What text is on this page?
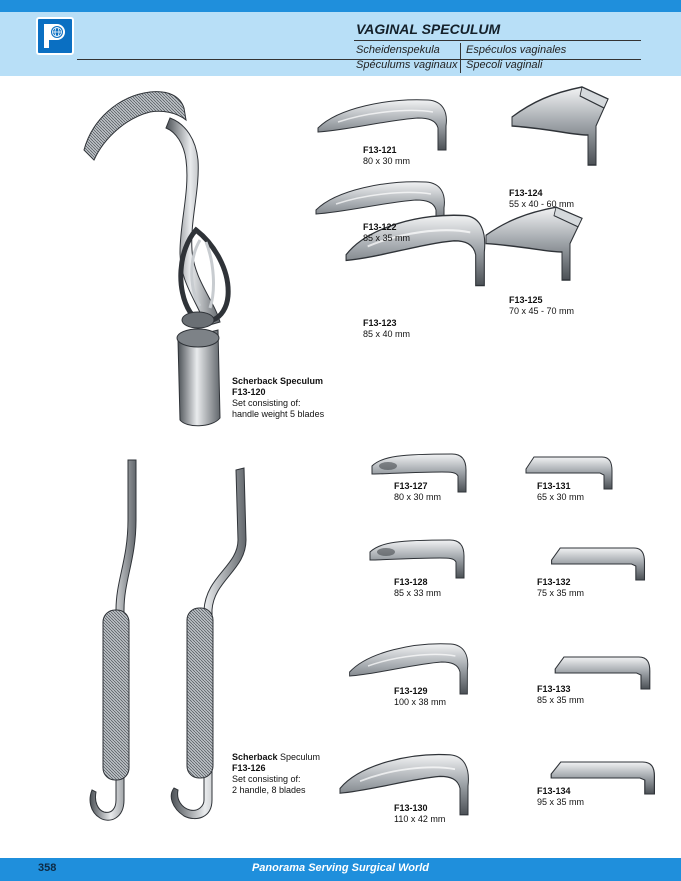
VAGINAL SPECULUM
Scheidenspekula Espéculos vaginales
Spéculums vaginaux Specoli vaginali
Scherback Speculum
F13-120
Set consisting of:
handle weight 5 blades
F13-121
80 x 30 mm
F13-122
85 x 35 mm
F13-123
85 x 40 mm
F13-124
55 x 40 - 60 mm
F13-125
70 x 45 - 70 mm
Scherback Speculum
F13-126
Set consisting of:
2 handle, 8 blades
F13-127
80 x 30 mm
F13-128
85 x 33 mm
F13-129
100 x 38 mm
F13-130
110 x 42 mm
F13-131
65 x 30 mm
F13-132
75 x 35 mm
F13-133
85 x 35 mm
F13-134
95 x 35 mm
358	Panorama Serving Surgical World
